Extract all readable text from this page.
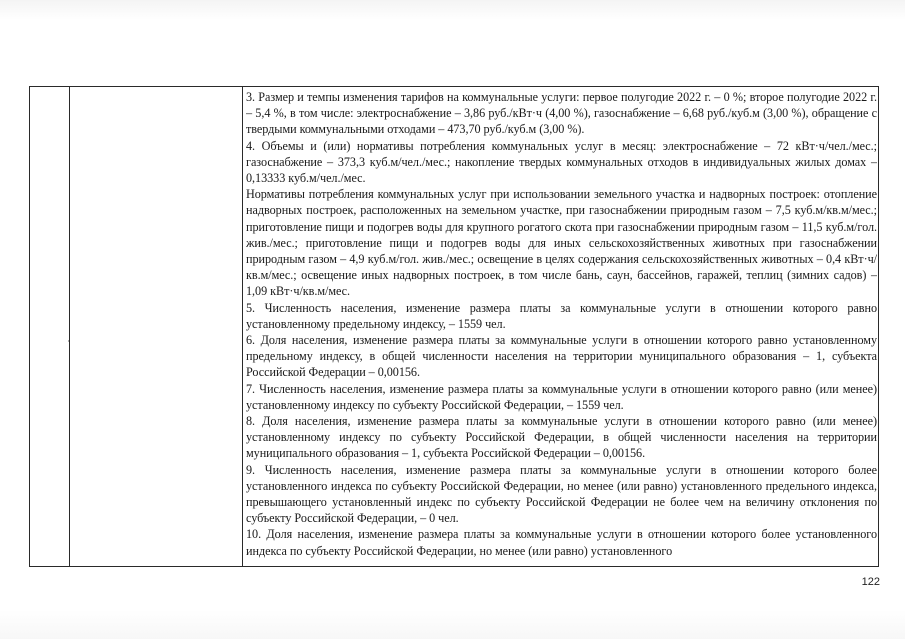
3. Размер и темпы изменения тарифов на коммунальные услуги: первое полугодие 2022 г. – 0 %; второе полугодие 2022 г. – 5,4 %, в том числе: электроснабжение – 3,86 руб./кВт·ч (4,00 %), газоснабжение – 6,68 руб./куб.м (3,00 %), обращение с твердыми коммунальными отходами – 473,70 руб./куб.м (3,00 %).

4. Объемы и (или) нормативы потребления коммунальных услуг в месяц: электроснабжение – 72 кВт·ч/чел./мес.; газоснабжение – 373,3 куб.м/чел./мес.; накопление твердых коммунальных отходов в индивидуальных жилых домах – 0,13333 куб.м/чел./мес.

Нормативы потребления коммунальных услуг при использовании земельного участка и надворных построек: отопление надворных построек, расположенных на земельном участке, при газоснабжении природным газом – 7,5 куб.м/кв.м/мес.; приготовление пищи и подогрев воды для крупного рогатого скота при газоснабжении природным газом – 11,5 куб.м/гол. жив./мес.; приготовление пищи и подогрев воды для иных сельскохозяйственных животных при газоснабжении природным газом – 4,9 куб.м/гол. жив./мес.; освещение в целях содержания сельскохозяйственных животных – 0,4 кВт·ч/кв.м/мес.; освещение иных надворных построек, в том числе бань, саун, бассейнов, гаражей, теплиц (зимних садов) – 1,09 кВт·ч/кв.м/мес.

5. Численность населения, изменение размера платы за коммунальные услуги в отношении которого равно установленному предельному индексу, – 1559 чел.

6. Доля населения, изменение размера платы за коммунальные услуги в отношении которого равно установленному предельному индексу, в общей численности населения на территории муниципального образования – 1, субъекта Российской Федерации – 0,00156.

7. Численность населения, изменение размера платы за коммунальные услуги в отношении которого равно (или менее) установленному индексу по субъекту Российской Федерации, – 1559 чел.

8. Доля населения, изменение размера платы за коммунальные услуги в отношении которого равно (или менее) установленному индексу по субъекту Российской Федерации, в общей численности населения на территории муниципального образования – 1, субъекта Российской Федерации – 0,00156.

9. Численность населения, изменение размера платы за коммунальные услуги в отношении которого более установленного индекса по субъекту Российской Федерации, но менее (или равно) установленного предельного индекса, превышающего установленный индекс по субъекту Российской Федерации не более чем на величину отклонения по субъекту Российской Федерации, – 0 чел.

10. Доля населения, изменение размера платы за коммунальные услуги в отношении которого более установленного индекса по субъекту Российской Федерации, но менее (или равно) установленного

122
